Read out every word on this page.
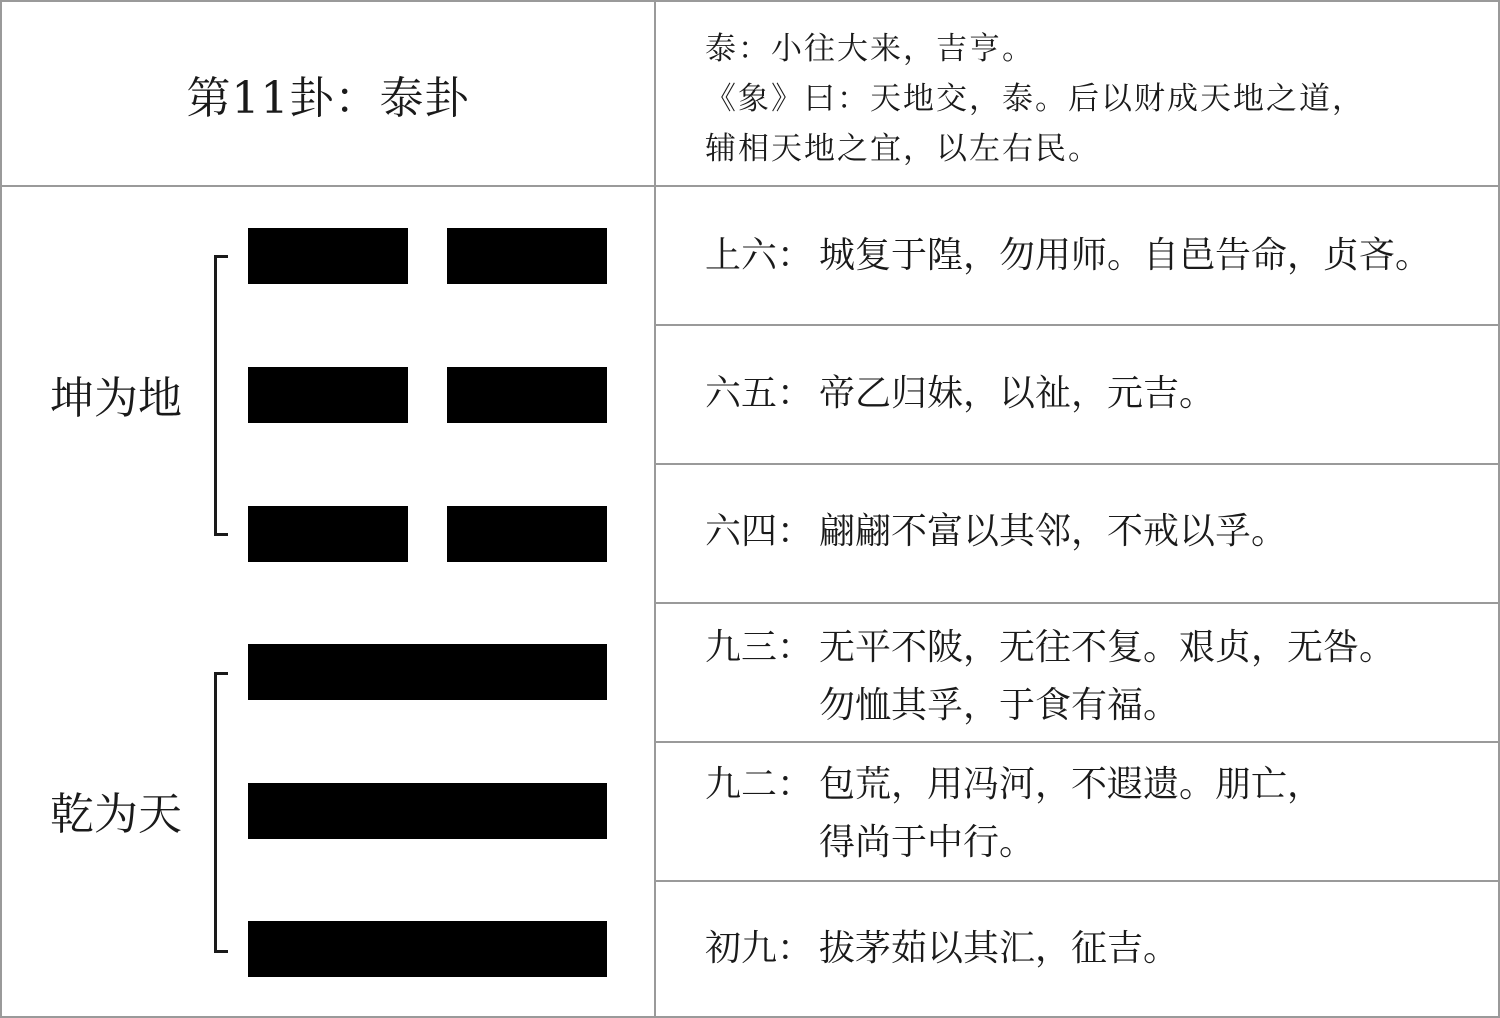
第11卦：泰卦
泰：小往大来，吉亨。
《象》曰：天地交，泰。后以财成天地之道，
辅相天地之宜，以左右民。
坤为地
乾为天
上六： 城复于隍，勿用师。自邑告命，贞吝。
六五： 帝乙归妹，以祉，元吉。
六四： 翩翩不富以其邻，不戒以孚。
九三： 无平不陂，无往不复。艰贞，无咎。
勿恤其孚，于食有福。
九二： 包荒，用冯河，不遐遗。朋亡，
得尚于中行。
初九： 拔茅茹以其汇，征吉。
